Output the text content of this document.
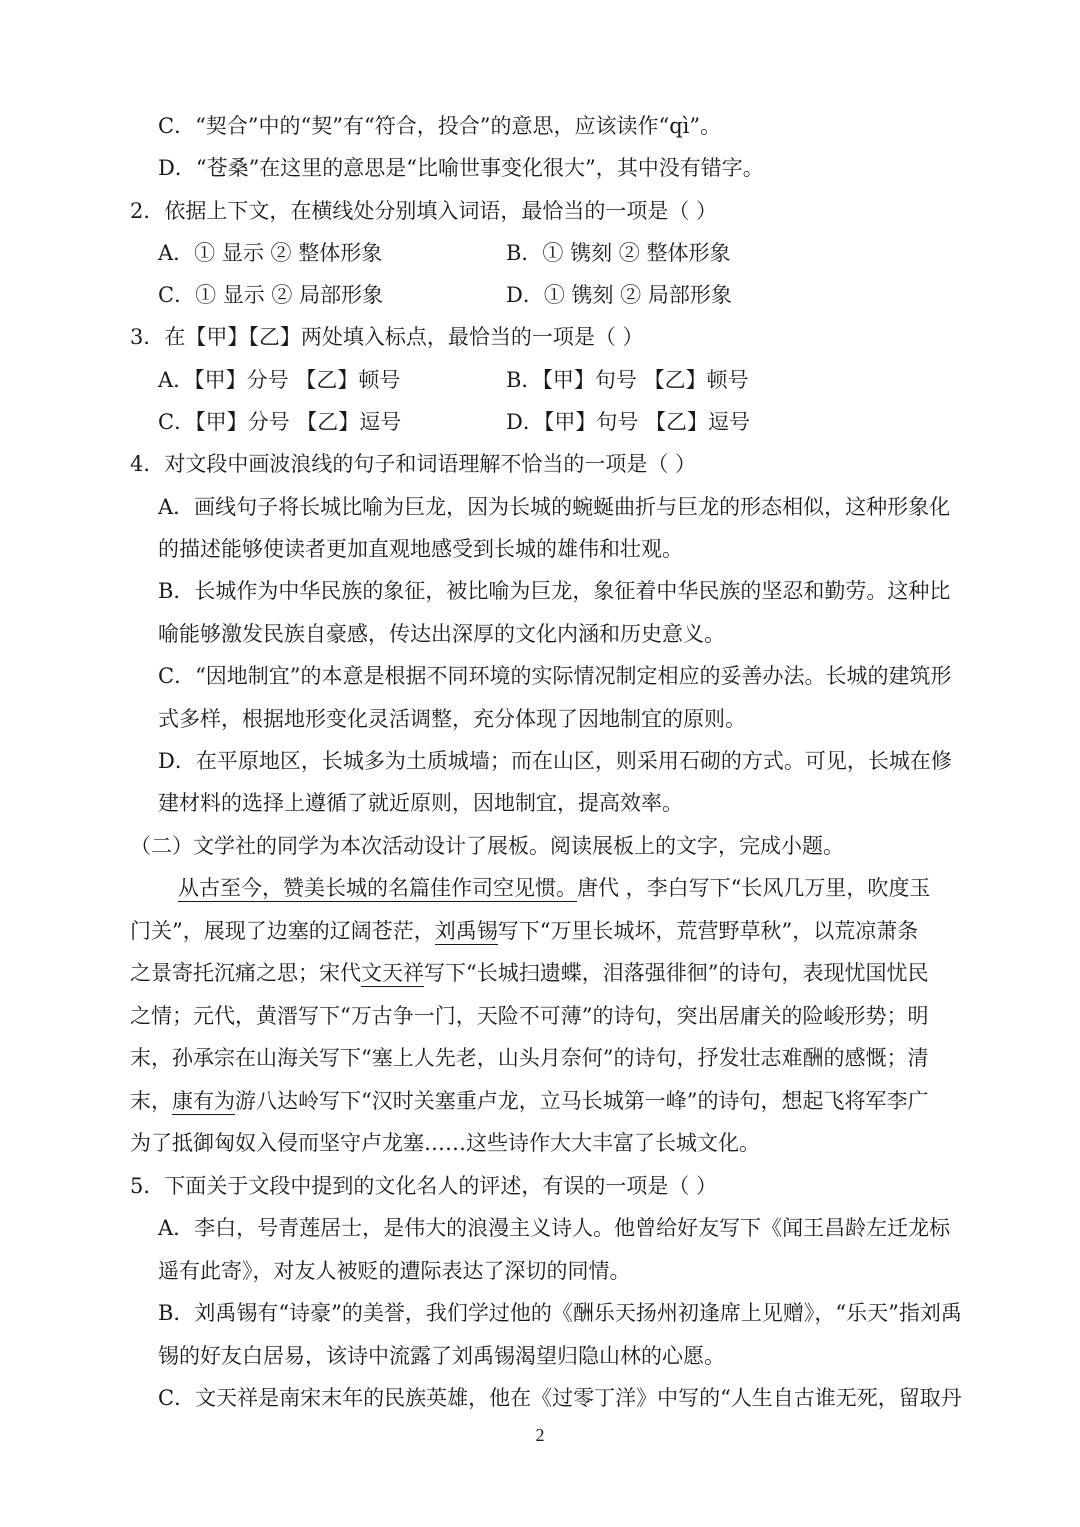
C．“契合”中的“契”有“符合，投合”的意思，应该读作“qì”。
D．“苍桑”在这里的意思是“比喻世事变化很大”，其中没有错字。
2．依据上下文，在横线处分别填入词语，最恰当的一项是（ ）
A．① 显示 ② 整体形象	B．① 镌刻 ② 整体形象
C．① 显示 ② 局部形象	D．① 镌刻 ② 局部形象
3．在【甲】【乙】两处填入标点，最恰当的一项是（ ）
A．【甲】分号 【乙】顿号	B．【甲】句号 【乙】顿号
C．【甲】分号 【乙】逗号	D．【甲】句号 【乙】逗号
4．对文段中画波浪线的句子和词语理解不恰当的一项是（ ）
A．画线句子将长城比喻为巨龙，因为长城的蜿蜒曲折与巨龙的形态相似，这种形象化
的描述能够使读者更加直观地感受到长城的雄伟和壮观。
B．长城作为中华民族的象征，被比喻为巨龙，象征着中华民族的坚忍和勤劳。这种比
喻能够激发民族自豪感，传达出深厚的文化内涵和历史意义。
C．“因地制宜”的本意是根据不同环境的实际情况制定相应的妥善办法。长城的建筑形
式多样，根据地形变化灵活调整，充分体现了因地制宜的原则。
D．在平原地区，长城多为土质城墙；而在山区，则采用石砌的方式。可见，长城在修
建材料的选择上遵循了就近原则，因地制宜，提高效率。
（二）文学社的同学为本次活动设计了展板。阅读展板上的文字，完成小题。
从古至今，赞美长城的名篇佳作司空见惯。唐代 ，李白写下“长风几万里，吹度玉
门关”，展现了边塞的辽阔苍茫，刘禹锡写下“万里长城坏，荒营野草秋”，以荒凉萧条
之景寄托沉痛之思；宋代文天祥写下“长城扫遗蝶，泪落强徘徊”的诗句，表现忧国忧民
之情；元代，黄溍写下“万古争一门，天险不可薄”的诗句，突出居庸关的险峻形势；明
末，孙承宗在山海关写下“塞上人先老，山头月奈何”的诗句，抒发壮志难酬的感慨；清
末，康有为游八达岭写下“汉时关塞重卢龙，立马长城第一峰”的诗句，想起飞将军李广
为了抵御匈奴入侵而坚守卢龙塞……这些诗作大大丰富了长城文化。
5．下面关于文段中提到的文化名人的评述，有误的一项是（ ）
A．李白，号青莲居士，是伟大的浪漫主义诗人。他曾给好友写下《闻王昌龄左迁龙标
遥有此寄》，对友人被贬的遭际表达了深切的同情。
B．刘禹锡有“诗豪”的美誉，我们学过他的《酬乐天扬州初逢席上见赠》，“乐天”指刘禹
锡的好友白居易，该诗中流露了刘禹锡渴望归隐山林的心愿。
C．文天祥是南宋末年的民族英雄，他在《过零丁洋》中写的“人生自古谁无死，留取丹
2
